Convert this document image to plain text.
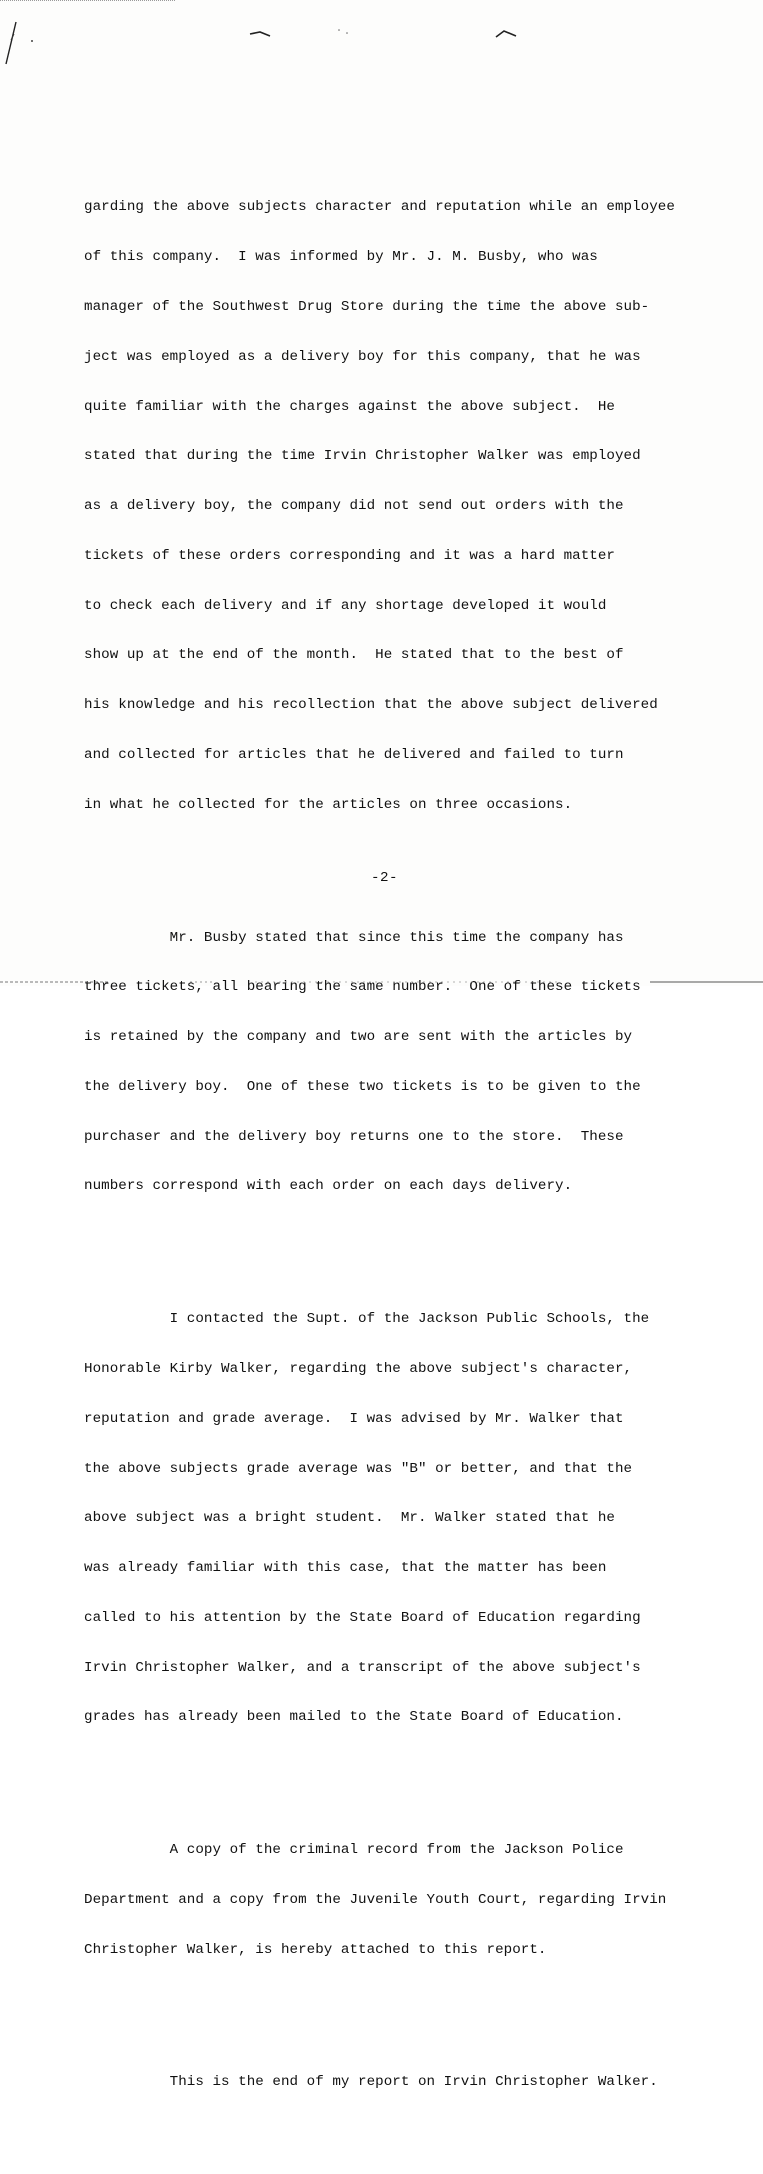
garding the above subjects character and reputation while an employee

of this company.  I was informed by Mr. J. M. Busby, who was

manager of the Southwest Drug Store during the time the above sub-

ject was employed as a delivery boy for this company, that he was

quite familiar with the charges against the above subject.  He

stated that during the time Irvin Christopher Walker was employed

as a delivery boy, the company did not send out orders with the

tickets of these orders corresponding and it was a hard matter

to check each delivery and if any shortage developed it would

show up at the end of the month.  He stated that to the best of

his knowledge and his recollection that the above subject delivered

and collected for articles that he delivered and failed to turn

in what he collected for the articles on three occasions.

Mr. Busby stated that since this time the company has

three tickets, all bearing the same number.  One of these tickets

is retained by the company and two are sent with the articles by

the delivery boy.  One of these two tickets is to be given to the

purchaser and the delivery boy returns one to the store.  These

numbers correspond with each order on each days delivery.

I contacted the Supt. of the Jackson Public Schools, the

Honorable Kirby Walker, regarding the above subject's character,

reputation and grade average.  I was advised by Mr. Walker that

the above subjects grade average was "B" or better, and that the

above subject was a bright student.  Mr. Walker stated that he

was already familiar with this case, that the matter has been

called to his attention by the State Board of Education regarding

Irvin Christopher Walker, and a transcript of the above subject's

grades has already been mailed to the State Board of Education.

A copy of the criminal record from the Jackson Police

Department and a copy from the Juvenile Youth Court, regarding Irvin

Christopher Walker, is hereby attached to this report.

This is the end of my report on Irvin Christopher Walker.

-2-
